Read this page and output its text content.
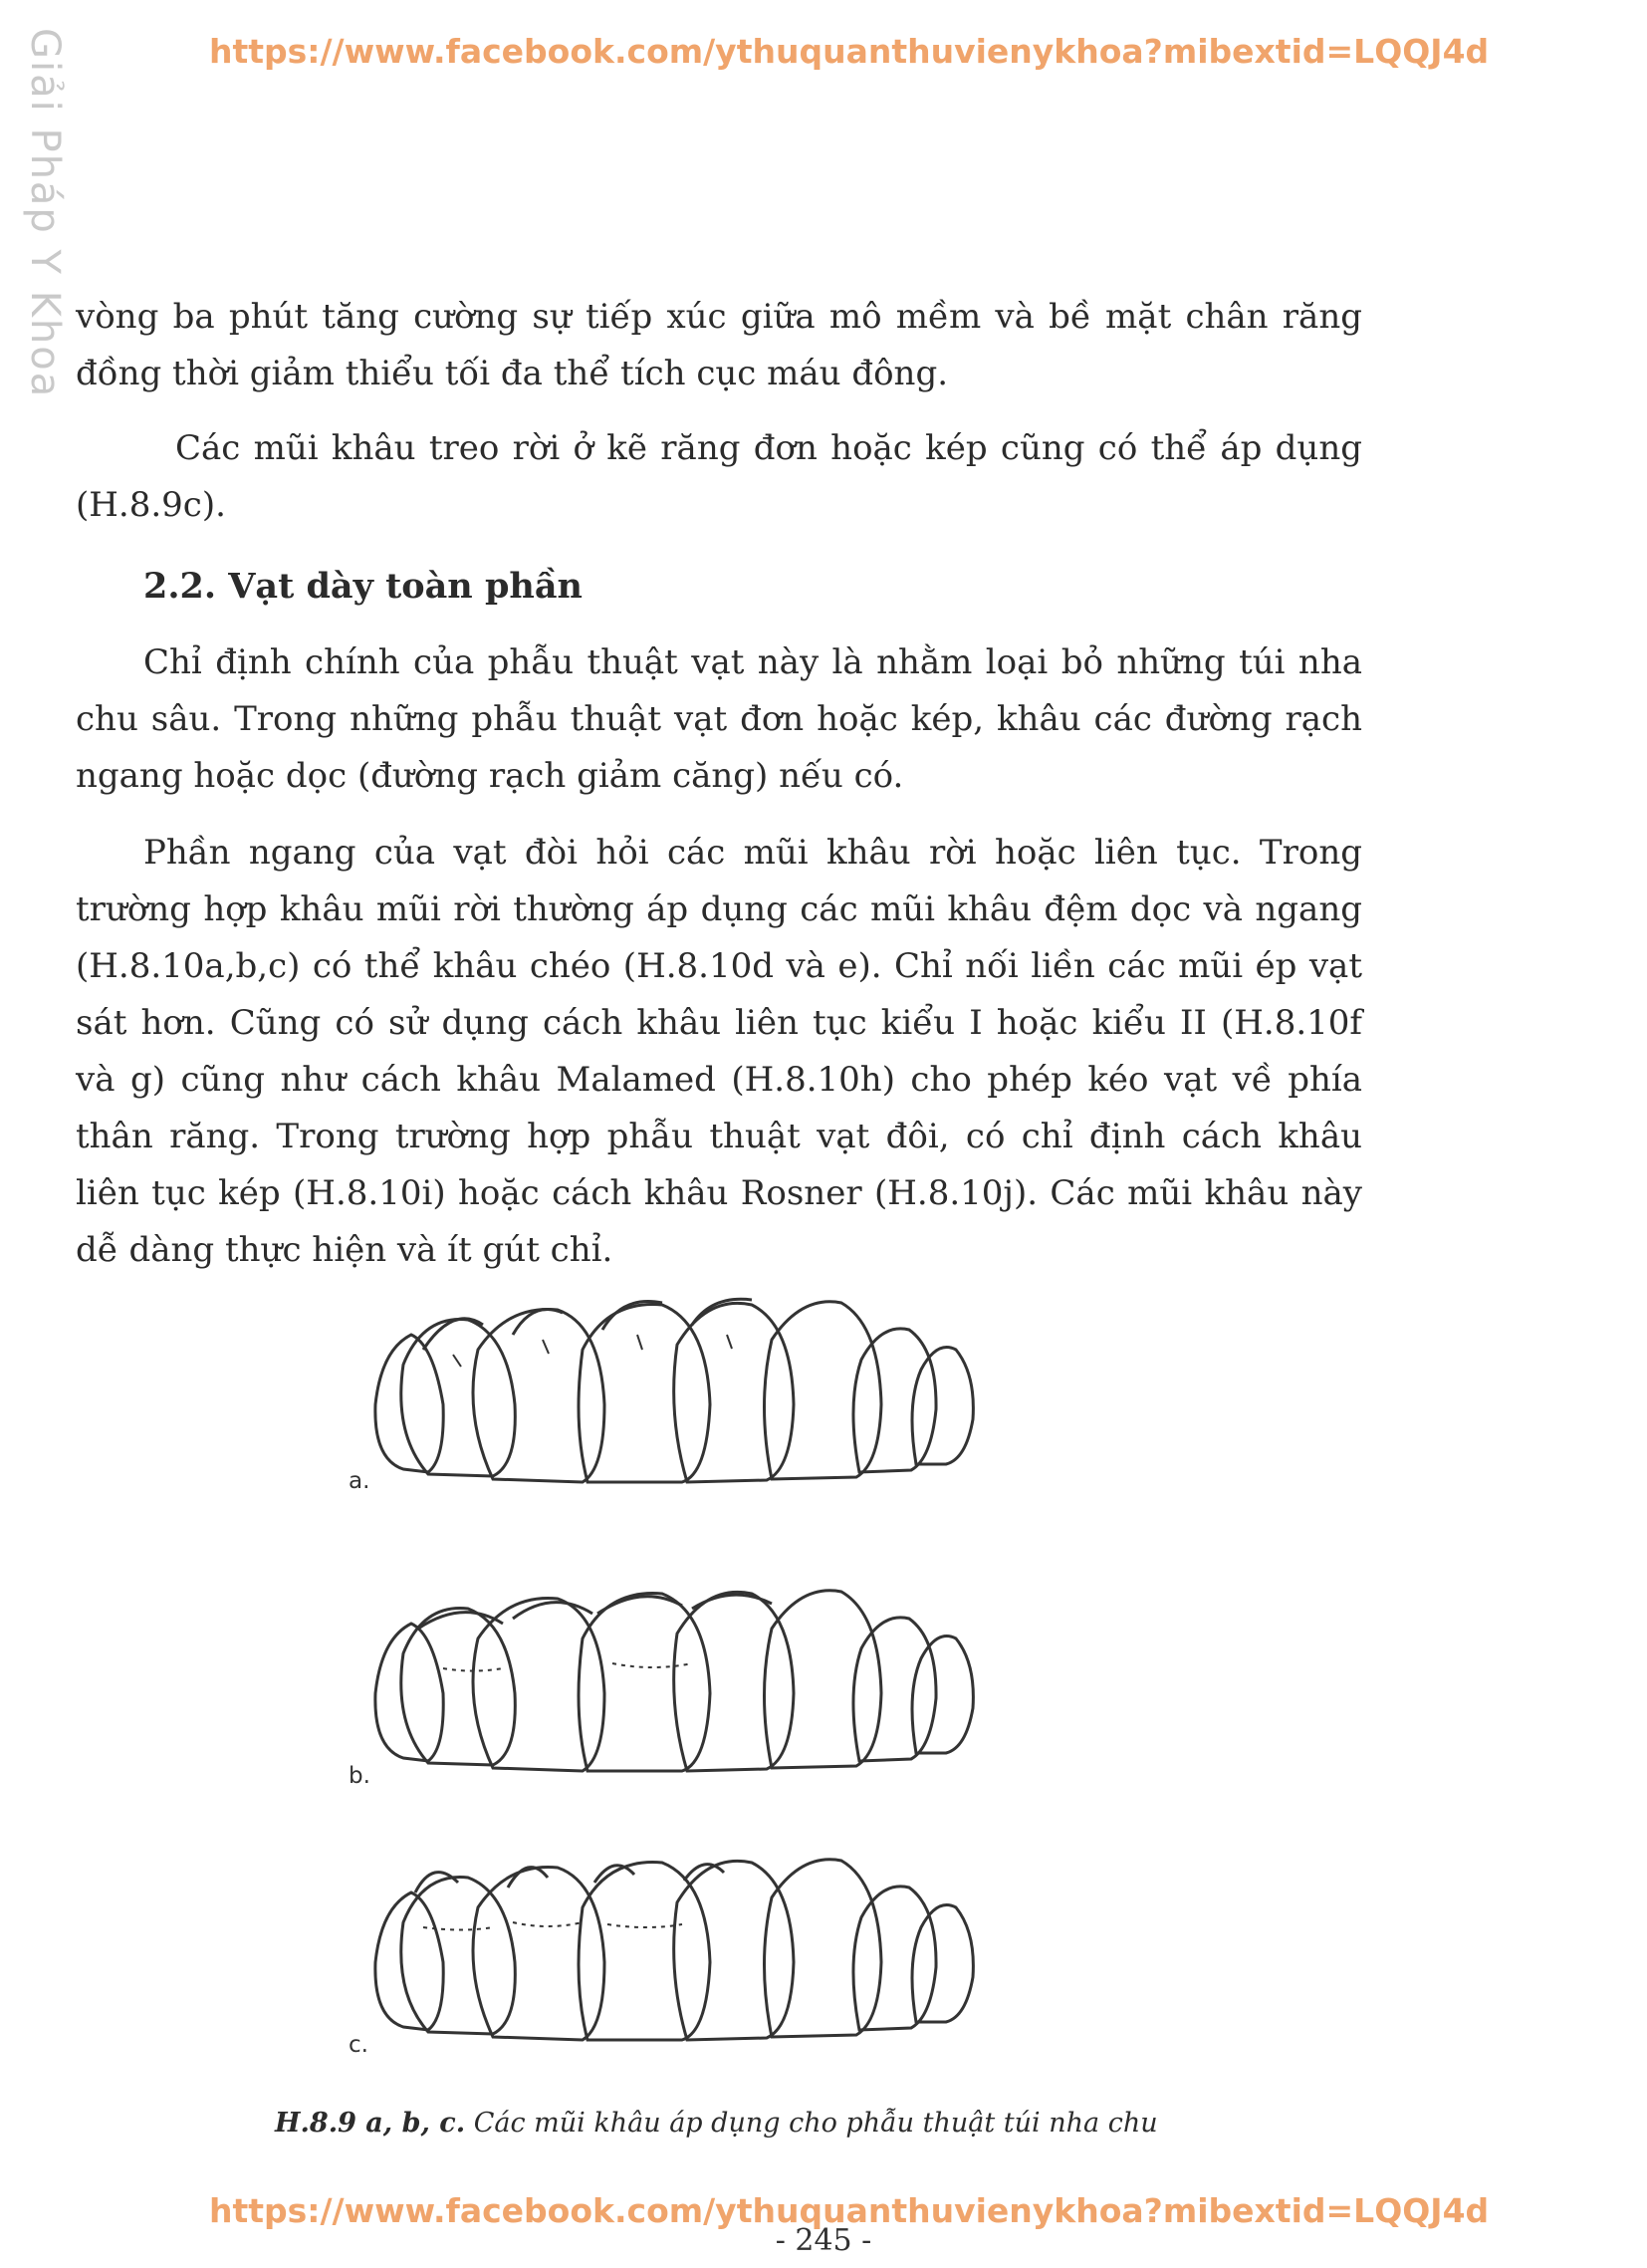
Giải Pháp Y Khoa	https://www.facebook.com/ythuquanthuvienykhoa?mibextid=LQQJ4d
vòng ba phút tăng cường sự tiếp xúc giữa mô mềm và bề mặt chân răng đồng thời giảm thiểu tối đa thể tích cục máu đông.
Các mũi khâu treo rời ở kẽ răng đơn hoặc kép cũng có thể áp dụng (H.8.9c).
2.2. Vạt dày toàn phần
Chỉ định chính của phẫu thuật vạt này là nhằm loại bỏ những túi nha chu sâu. Trong những phẫu thuật vạt đơn hoặc kép, khâu các đường rạch ngang hoặc dọc (đường rạch giảm căng) nếu có.
Phần ngang của vạt đòi hỏi các mũi khâu rời hoặc liên tục. Trong trường hợp khâu mũi rời thường áp dụng các mũi khâu đệm dọc và ngang (H.8.10a,b,c) có thể khâu chéo (H.8.10d và e). Chỉ nối liền các mũi ép vạt sát hơn. Cũng có sử dụng cách khâu liên tục kiểu I hoặc kiểu II (H.8.10f và g) cũng như cách khâu Malamed (H.8.10h) cho phép kéo vạt về phía thân răng. Trong trường hợp phẫu thuật vạt đôi, có chỉ định cách khâu liên tục kép (H.8.10i) hoặc cách khâu Rosner (H.8.10j). Các mũi khâu này dễ dàng thực hiện và ít gút chỉ.
a.
b.
c.
H.8.9 a, b, c. Các mũi khâu áp dụng cho phẫu thuật túi nha chu
https://www.facebook.com/ythuquanthuvienykhoa?mibextid=LQQJ4d
- 245 -
